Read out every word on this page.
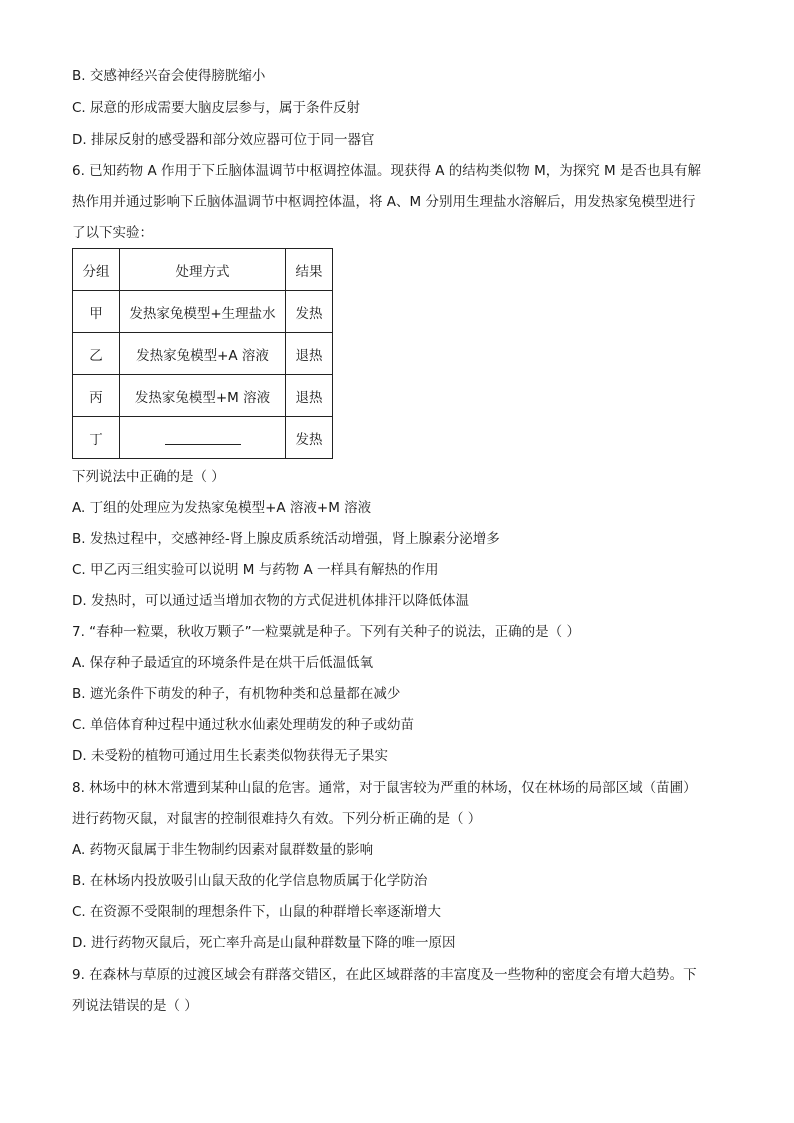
B. 交感神经兴奋会使得膀胱缩小
C. 尿意的形成需要大脑皮层参与，属于条件反射
D. 排尿反射的感受器和部分效应器可位于同一器官
6. 已知药物 A 作用于下丘脑体温调节中枢调控体温。现获得 A 的结构类似物 M，为探究 M 是否也具有解
热作用并通过影响下丘脑体温调节中枢调控体温，将 A、M 分别用生理盐水溶解后，用发热家兔模型进行
了以下实验：
分组	处理方式	结果
甲	发热家兔模型+生理盐水	发热
乙	发热家兔模型+A 溶液	退热
丙	发热家兔模型+M 溶液	退热
丁		发热
下列说法中正确的是（ ）
A. 丁组的处理应为发热家兔模型+A 溶液+M 溶液
B. 发热过程中，交感神经-肾上腺皮质系统活动增强，肾上腺素分泌增多
C. 甲乙丙三组实验可以说明 M 与药物 A 一样具有解热的作用
D. 发热时，可以通过适当增加衣物的方式促进机体排汗以降低体温
7. “春种一粒粟，秋收万颗子”一粒粟就是种子。下列有关种子的说法，正确的是（ ）
A. 保存种子最适宜的环境条件是在烘干后低温低氧
B. 遮光条件下萌发的种子，有机物种类和总量都在减少
C. 单倍体育种过程中通过秋水仙素处理萌发的种子或幼苗
D. 未受粉的植物可通过用生长素类似物获得无子果实
8. 林场中的林木常遭到某种山鼠的危害。通常，对于鼠害较为严重的林场，仅在林场的局部区域（苗圃）
进行药物灭鼠，对鼠害的控制很难持久有效。下列分析正确的是（ ）
A. 药物灭鼠属于非生物制约因素对鼠群数量的影响
B. 在林场内投放吸引山鼠天敌的化学信息物质属于化学防治
C. 在资源不受限制的理想条件下，山鼠的种群增长率逐渐增大
D. 进行药物灭鼠后，死亡率升高是山鼠种群数量下降的唯一原因
9. 在森林与草原的过渡区域会有群落交错区，在此区域群落的丰富度及一些物种的密度会有增大趋势。下
列说法错误的是（ ）
